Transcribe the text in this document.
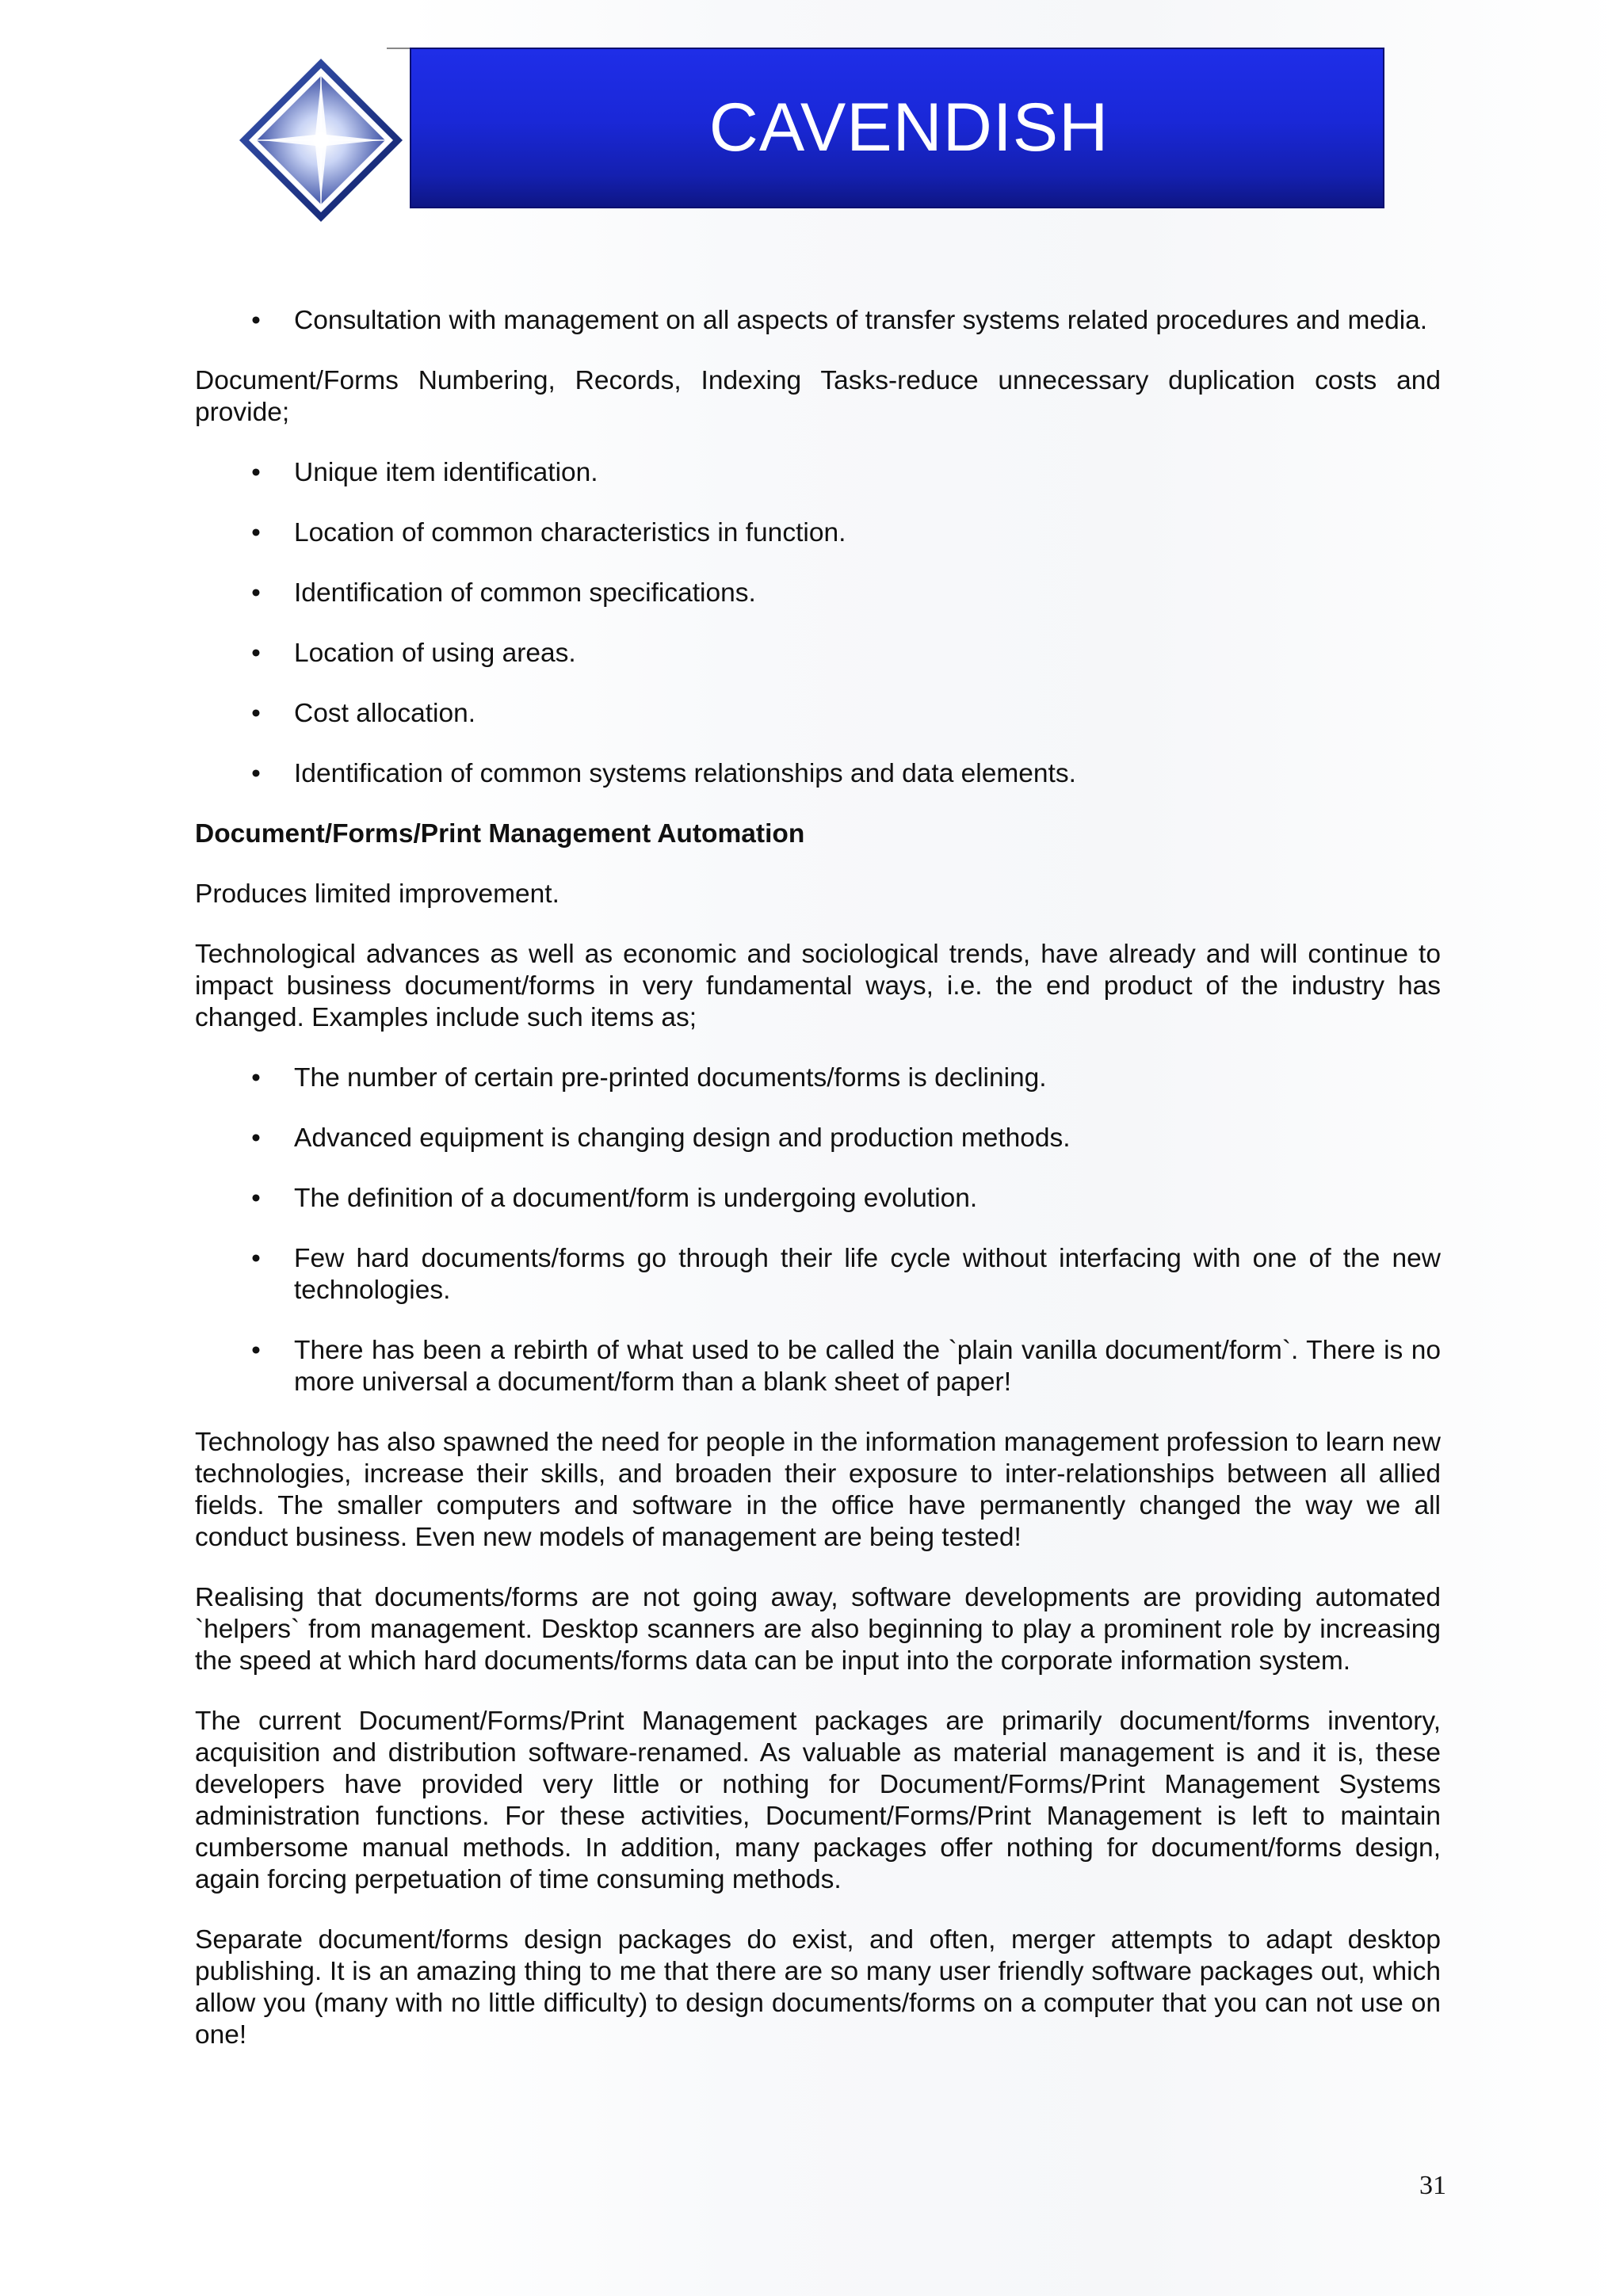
CAVENDISH
• Consultation with management on all aspects of transfer systems related procedures and media.

Document/Forms Numbering, Records, Indexing Tasks-reduce unnecessary duplication costs and provide;

• Unique item identification.
• Location of common characteristics in function.
• Identification of common specifications.
• Location of using areas.
• Cost allocation.
• Identification of common systems relationships and data elements.

Document/Forms/Print Management Automation

Produces limited improvement.

Technological advances as well as economic and sociological trends, have already and will continue to impact business document/forms in very fundamental ways, i.e. the end product of the industry has changed. Examples include such items as;

• The number of certain pre-printed documents/forms is declining.
• Advanced equipment is changing design and production methods.
• The definition of a document/form is undergoing evolution.
• Few hard documents/forms go through their life cycle without interfacing with one of the new technologies.
• There has been a rebirth of what used to be called the `plain vanilla document/form`. There is no more universal a document/form than a blank sheet of paper!

Technology has also spawned the need for people in the information management profession to learn new technologies, increase their skills, and broaden their exposure to inter-relationships between all allied fields. The smaller computers and software in the office have permanently changed the way we all conduct business. Even new models of management are being tested!

Realising that documents/forms are not going away, software developments are providing automated `helpers` from management. Desktop scanners are also beginning to play a prominent role by increasing the speed at which hard documents/forms data can be input into the corporate information system.

The current Document/Forms/Print Management packages are primarily document/forms inventory, acquisition and distribution software-renamed. As valuable as material management is and it is, these developers have provided very little or nothing for Document/Forms/Print Management Systems administration functions. For these activities, Document/Forms/Print Management is left to maintain cumbersome manual methods. In addition, many packages offer nothing for document/forms design, again forcing perpetuation of time consuming methods.

Separate document/forms design packages do exist, and often, merger attempts to adapt desktop publishing. It is an amazing thing to me that there are so many user friendly software packages out, which allow you (many with no little difficulty) to design documents/forms on a computer that you can not use on one!

31
